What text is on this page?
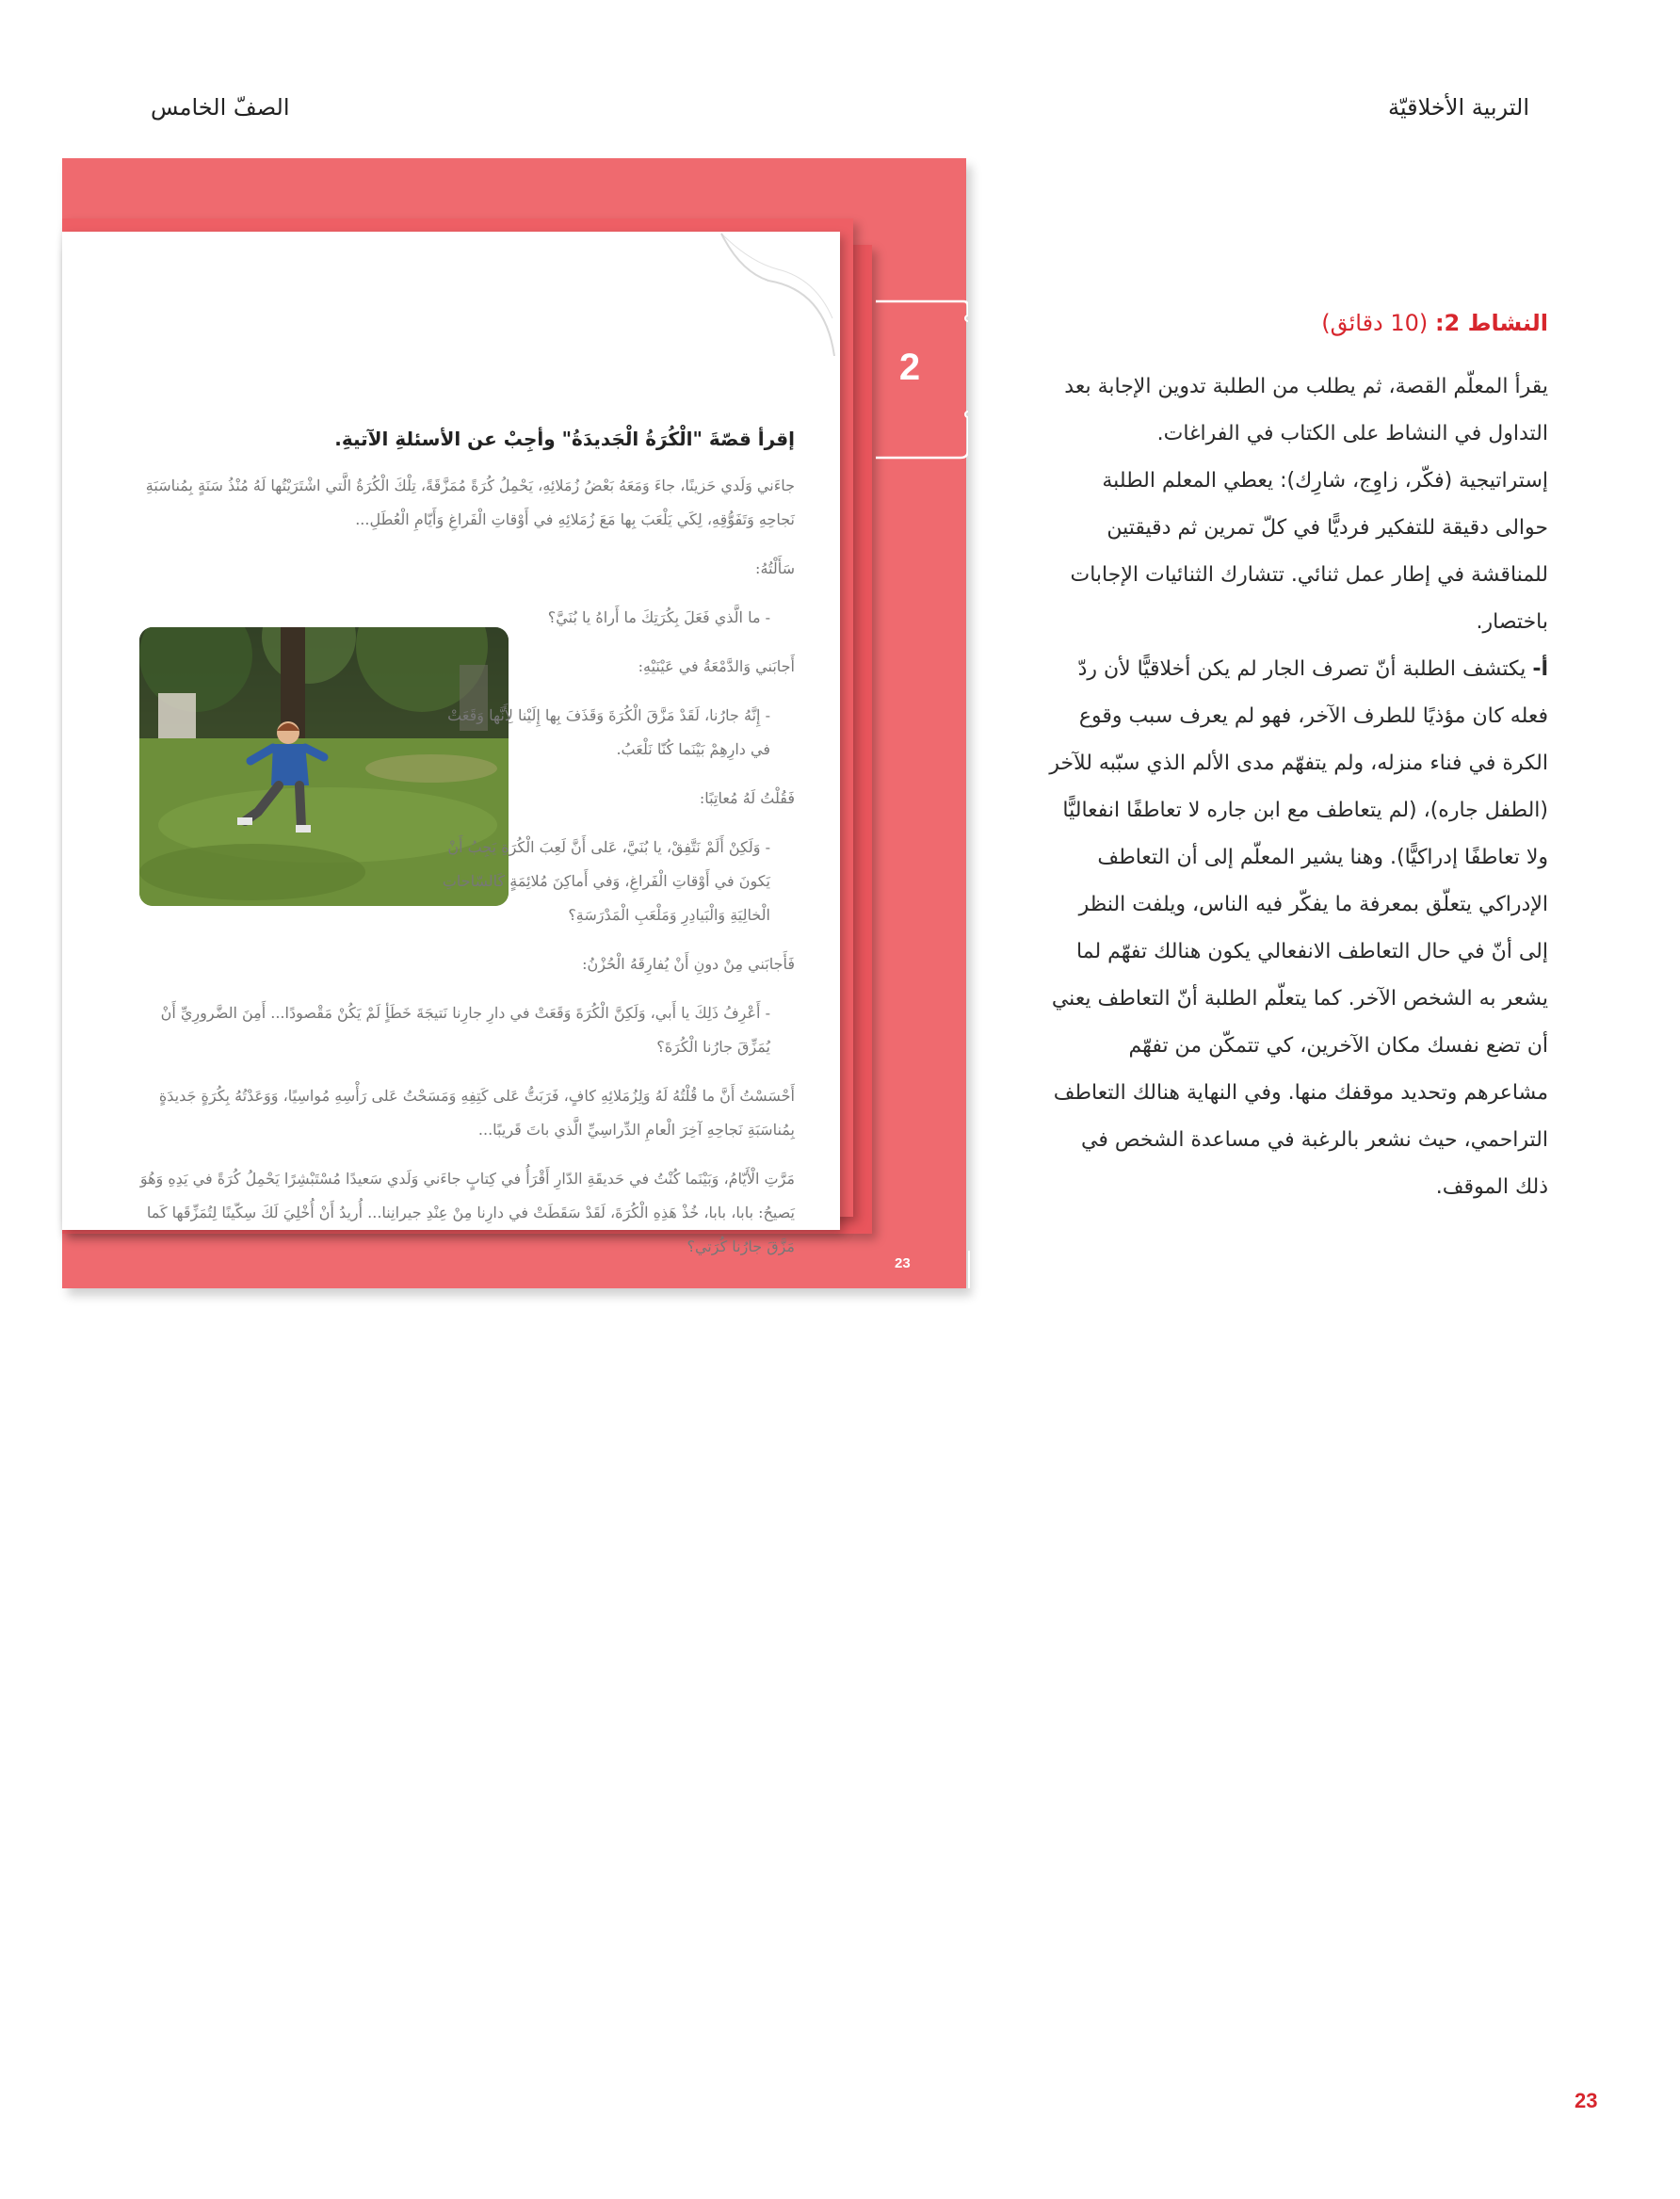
التربية الأخلاقيّة
الصفّ الخامس
2
إقرأ قصّةَ "الْكُرَةُ الْجَديدَةُ" وأجِبْ عن الأسئلةِ الآتيةِ.

جاءَني وَلَدي حَزينًا، جاءَ وَمَعَهُ بَعْضُ زُمَلائِهِ، يَحْمِلُ كُرَةً مُمَزَّقَةً، تِلْكَ الْكُرَةُ الَّتي اشْتَرَيْتُها لَهُ مُنْذُ سَنَةٍ بِمُناسَبَةِ نَجاحِهِ وَتَفَوُّقِهِ، لِكَي يَلْعَبَ بِها مَعَ زُمَلائِهِ في أَوْقاتِ الْفَراغِ وَأَيّامِ الْعُطَلِ...

سَأَلْتُهُ:

- ما الَّذي فَعَلَ بِكُرَتِكَ ما أَراهُ يا بُنَيَّ؟

أَجابَني وَالدَّمْعَةُ في عَيْنَيْهِ:

- إِنَّهُ جارُنا، لَقَدْ مَزَّقَ الْكُرَةَ وَقَذَفَ بِها إِلَيْنا لِأَنَّها وَقَعَتْ في دارِهِمْ بَيْنَما كُنّا نَلْعَبُ.

فَقُلْتُ لَهُ مُعاتِبًا:

- وَلَكِنْ أَلَمْ نَتَّفِقْ، يا بُنَيَّ، عَلى أَنَّ لَعِبَ الْكُرَةِ يَجِبُ أَنْ يَكونَ في أَوْقاتِ الْفَراغِ، وَفي أَماكِنَ مُلائِمَةٍ كَالسّاحاتِ الْخالِيَةِ وَالْبَيادِرِ وَمَلْعَبِ الْمَدْرَسَةِ؟

فَأَجابَني مِنْ دونِ أَنْ يُفارِقَهُ الْحُزْنُ:

- أَعْرِفُ ذَلِكَ يا أَبي، وَلَكِنَّ الْكُرَةَ وَقَعَتْ في دارِ جارِنا نَتيجَةَ خَطَأٍ لَمْ يَكُنْ مَقْصودًا... أَمِنَ الضَّرورِيِّ أَنْ يُمَزِّقَ جارُنا الْكُرَةَ؟

أَحْسَسْتُ أَنَّ ما قُلْتُهُ لَهُ وَلِزُمَلائِهِ كافٍ، فَرَبَتُّ عَلى كَتِفِهِ وَمَسَحْتُ عَلى رَأْسِهِ مُواسِيًا، وَوَعَدْتُهُ بِكُرَةٍ جَديدَةٍ بِمُناسَبَةِ نَجاحِهِ آخِرَ الْعامِ الدِّراسِيِّ الَّذي باتَ قَريبًا...

مَرَّتِ الْأَيّامُ، وَبَيْنَما كُنْتُ في حَديقَةِ الدّارِ أَقْرَأُ في كِتابٍ جاءَني وَلَدي سَعيدًا مُسْتَبْشِرًا يَحْمِلُ كُرَةً في يَدِهِ وَهُوَ يَصيحُ: بابا، بابا، خُذْ هَذِهِ الْكُرَةَ، لَقَدْ سَقَطَتْ في دارِنا مِنْ عِنْدِ جيرانِنا... أُريدُ أَنْ أُخْلِيَ لَكَ سِكّينًا لِتُمَزِّقَها كَما مَزَّقَ جارُنا كُرَتي؟

23
النشاط 2: (10 دقائق)
يقرأ المعلّم القصة، ثم يطلب من الطلبة تدوين الإجابة بعد التداول في النشاط على الكتاب في الفراغات.
إستراتيجية (فكّر، زاوِج، شارِك): يعطي المعلم الطلبة حوالى دقيقة للتفكير فرديًّا في كلّ تمرين ثم دقيقتين للمناقشة في إطار عمل ثنائي. تتشارك الثنائيات الإجابات باختصار.
أ- يكتشف الطلبة أنّ تصرف الجار لم يكن أخلاقيًّا لأن ردّ فعله كان مؤذيًا للطرف الآخر، فهو لم يعرف سبب وقوع الكرة في فناء منزله، ولم يتفهّم مدى الألم الذي سبّبه للآخر (الطفل جاره)، (لم يتعاطف مع ابن جاره لا تعاطفًا انفعاليًّا ولا تعاطفًا إدراكيًّا). وهنا يشير المعلّم إلى أن التعاطف الإدراكي يتعلّق بمعرفة ما يفكّر فيه الناس، ويلفت النظر إلى أنّ في حال التعاطف الانفعالي يكون هنالك تفهّم لما يشعر به الشخص الآخر. كما يتعلّم الطلبة أنّ التعاطف يعني أن تضع نفسك مكان الآخرين، كي تتمكّن من تفهّم مشاعرهم وتحديد موقفك منها. وفي النهاية هنالك التعاطف التراحمي، حيث نشعر بالرغبة في مساعدة الشخص في ذلك الموقف.
23
